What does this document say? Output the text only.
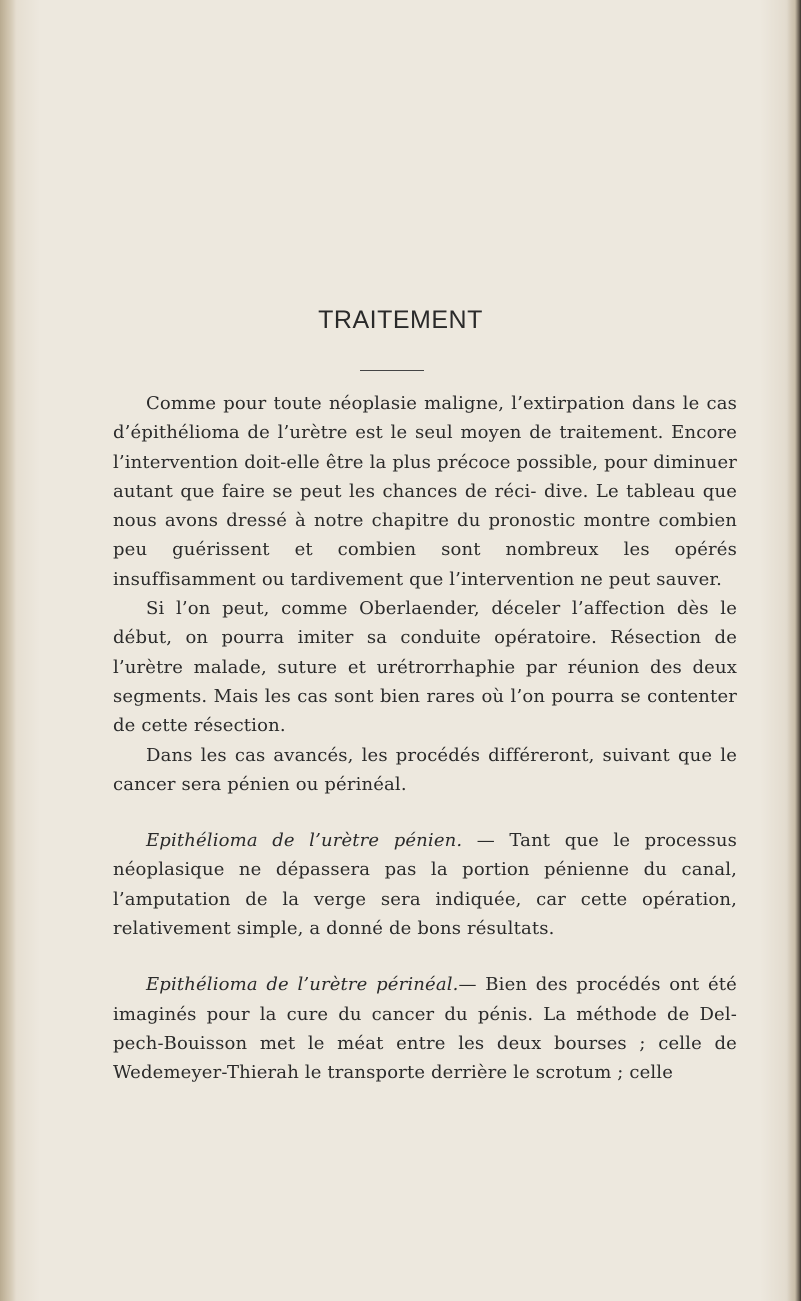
TRAITEMENT

Comme pour toute néoplasie maligne, l’extirpation dans le cas d’épithélioma de l’urètre est le seul moyen de traitement. Encore l’intervention doit-elle être la plus précoce possible, pour diminuer autant que faire se peut les chances de réci- dive. Le tableau que nous avons dressé à notre chapitre du pronostic montre combien peu guérissent et combien sont nombreux les opérés insuffisamment ou tardivement que l’intervention ne peut sauver.

Si l’on peut, comme Oberlaender, déceler l’affection dès le début, on pourra imiter sa conduite opératoire. Résection de l’urètre malade, suture et urétrorrhaphie par réunion des deux segments. Mais les cas sont bien rares où l’on pourra se contenter de cette résection.

Dans les cas avancés, les procédés différeront, suivant que le cancer sera pénien ou périnéal.

Epithélioma de l’urètre pénien. — Tant que le processus néoplasique ne dépassera pas la portion pénienne du canal, l’amputation de la verge sera indiquée, car cette opération, relativement simple, a donné de bons résultats.

Epithélioma de l’urètre périnéal.— Bien des procédés ont été imaginés pour la cure du cancer du pénis. La méthode de Del- pech-Bouisson met le méat entre les deux bourses ; celle de Wedemeyer-Thierah le transporte derrière le scrotum ; celle
